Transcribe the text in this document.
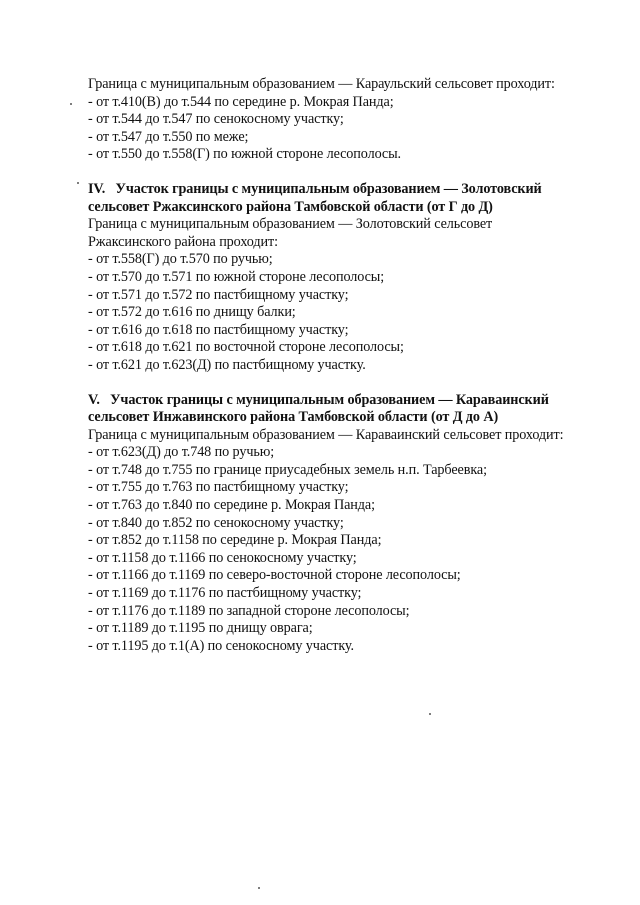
Граница с муниципальным образованием — Караульский сельсовет проходит:
- от т.410(В) до т.544 по середине р. Мокрая Панда;
- от т.544 до т.547 по сенокосному участку;
- от т.547 до т.550 по меже;
- от т.550 до т.558(Г) по южной стороне лесополосы.
IV.   Участок границы с муниципальным образованием — Золотовский
сельсовет Ржаксинского района Тамбовской области (от Г до Д)
Граница с муниципальным образованием — Золотовский сельсовет
Ржаксинского района проходит:
- от т.558(Г) до т.570 по ручью;
- от т.570 до т.571 по южной стороне лесополосы;
- от т.571 до т.572 по пастбищному участку;
- от т.572 до т.616 по днищу балки;
- от т.616 до т.618 по пастбищному участку;
- от т.618 до т.621 по восточной стороне лесополосы;
- от т.621 до т.623(Д) по пастбищному участку.
V.   Участок границы с муниципальным образованием — Караваинский
сельсовет Инжавинского района Тамбовской области (от Д до А)
Граница с муниципальным образованием — Караваинский сельсовет проходит:
- от т.623(Д) до т.748 по ручью;
- от т.748 до т.755 по границе приусадебных земель н.п. Тарбеевка;
- от т.755 до т.763 по пастбищному участку;
- от т.763 до т.840 по середине р. Мокрая Панда;
- от т.840 до т.852 по сенокосному участку;
- от т.852 до т.1158 по середине р. Мокрая Панда;
- от т.1158 до т.1166 по сенокосному участку;
- от т.1166 до т.1169 по северо-восточной стороне лесополосы;
- от т.1169 до т.1176 по пастбищному участку;
- от т.1176 до т.1189 по западной стороне лесополосы;
- от т.1189 до т.1195 по днищу оврага;
- от т.1195 до т.1(А) по сенокосному участку.
